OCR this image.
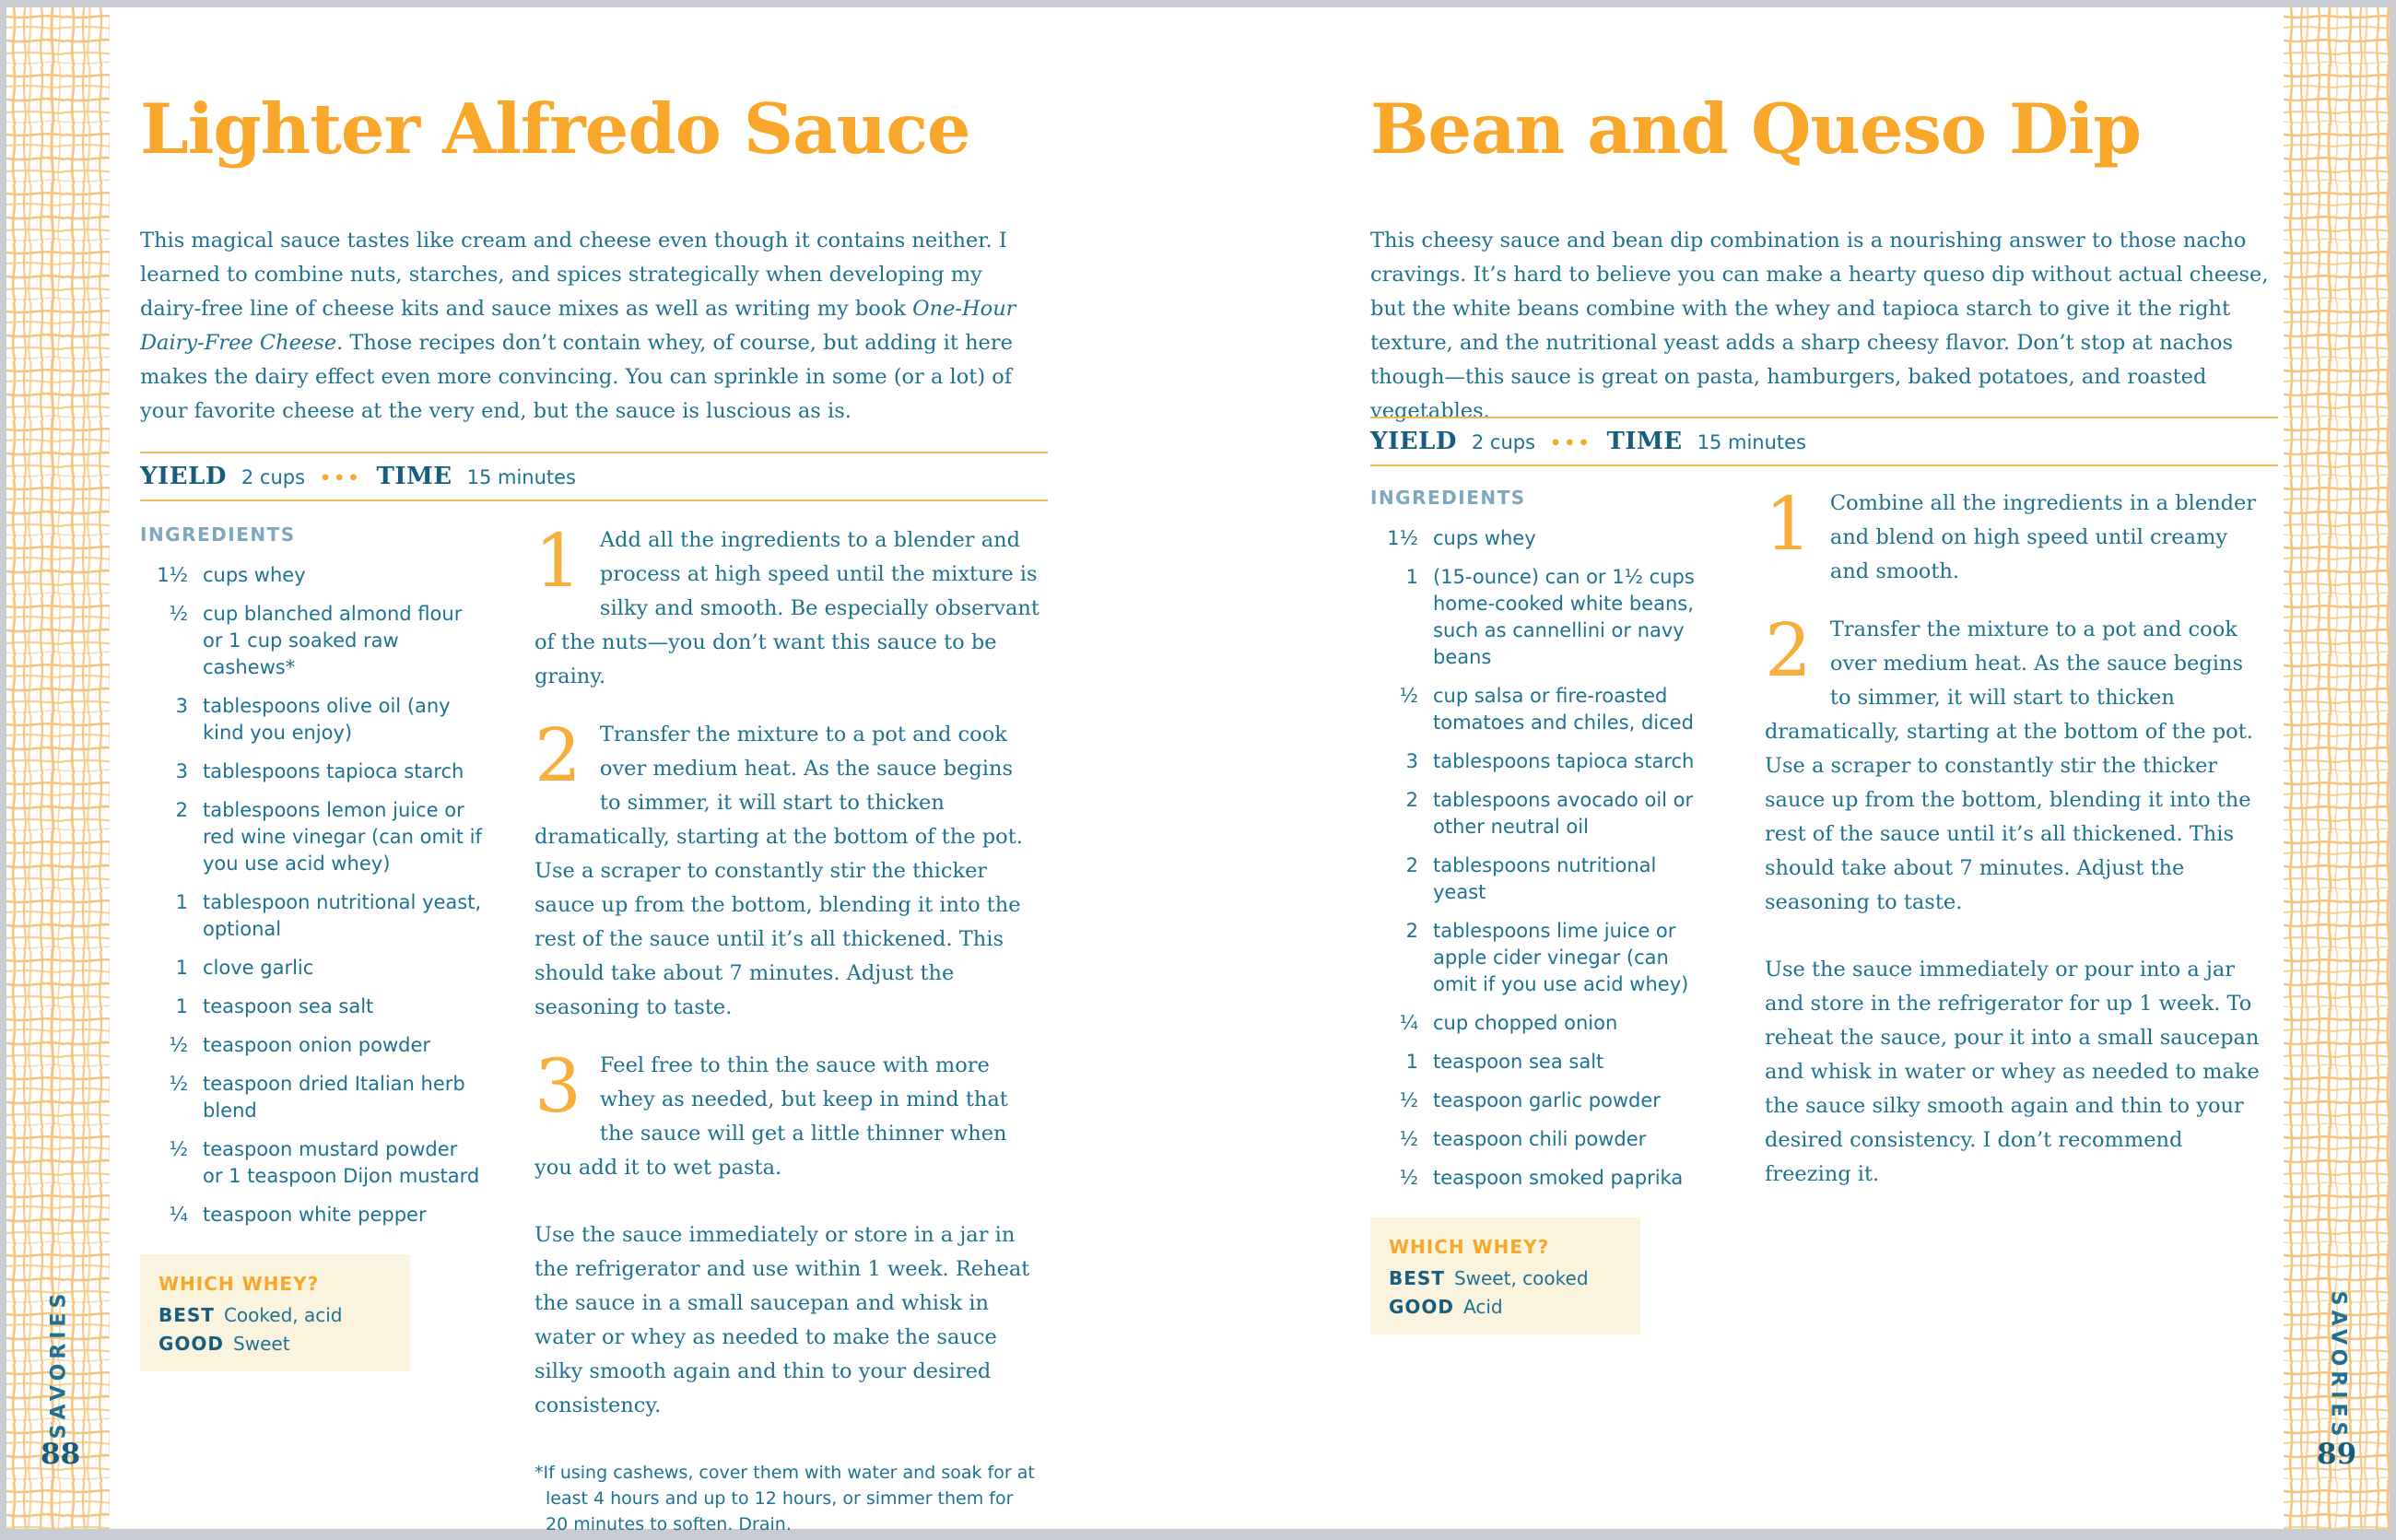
SAVORIES	SAVORIES
88	89
Lighter Alfredo Sauce

This magical sauce tastes like cream and cheese even though it contains neither. I learned to combine nuts, starches, and spices strategically when developing my dairy-free line of cheese kits and sauce mixes as well as writing my book One-Hour Dairy-Free Cheese. Those recipes don’t contain whey, of course, but adding it here makes the dairy effect even more convincing. You can sprinkle in some (or a lot) of your favorite cheese at the very end, but the sauce is luscious as is.

YIELD 2 cups ••• TIME 15 minutes
INGREDIENTS
1½ cups whey
½ cup blanched almond flour or 1 cup soaked raw cashews*
3 tablespoons olive oil (any kind you enjoy)
3 tablespoons tapioca starch
2 tablespoons lemon juice or red wine vinegar (can omit if you use acid whey)
1 tablespoon nutritional yeast, optional
1 clove garlic
1 teaspoon sea salt
½ teaspoon onion powder
½ teaspoon dried Italian herb blend
½ teaspoon mustard powder or 1 teaspoon Dijon mustard
¼ teaspoon white pepper
WHICH WHEY?
BEST Cooked, acid
GOOD Sweet

1 Add all the ingredients to a blender and process at high speed until the mixture is silky and smooth. Be especially observant of the nuts—you don’t want this sauce to be grainy.

2 Transfer the mixture to a pot and cook over medium heat. As the sauce begins to simmer, it will start to thicken dramatically, starting at the bottom of the pot. Use a scraper to constantly stir the thicker sauce up from the bottom, blending it into the rest of the sauce until it’s all thickened. This should take about 7 minutes. Adjust the seasoning to taste.

3 Feel free to thin the sauce with more whey as needed, but keep in mind that the sauce will get a little thinner when you add it to wet pasta.

Use the sauce immediately or store in a jar in the refrigerator and use within 1 week. Reheat the sauce in a small saucepan and whisk in water or whey as needed to make the sauce silky smooth again and thin to your desired consistency.

*If using cashews, cover them with water and soak for at least 4 hours and up to 12 hours, or simmer them for 20 minutes to soften. Drain.

Bean and Queso Dip

This cheesy sauce and bean dip combination is a nourishing answer to those nacho cravings. It’s hard to believe you can make a hearty queso dip without actual cheese, but the white beans combine with the whey and tapioca starch to give it the right texture, and the nutritional yeast adds a sharp cheesy flavor. Don’t stop at nachos though—this sauce is great on pasta, hamburgers, baked potatoes, and roasted vegetables.

YIELD 2 cups ••• TIME 15 minutes
INGREDIENTS
1½ cups whey
1 (15-ounce) can or 1½ cups home-cooked white beans, such as cannellini or navy beans
½ cup salsa or fire-roasted tomatoes and chiles, diced
3 tablespoons tapioca starch
2 tablespoons avocado oil or other neutral oil
2 tablespoons nutritional yeast
2 tablespoons lime juice or apple cider vinegar (can omit if you use acid whey)
¼ cup chopped onion
1 teaspoon sea salt
½ teaspoon garlic powder
½ teaspoon chili powder
½ teaspoon smoked paprika
WHICH WHEY?
BEST Sweet, cooked
GOOD Acid

1 Combine all the ingredients in a blender and blend on high speed until creamy and smooth.

2 Transfer the mixture to a pot and cook over medium heat. As the sauce begins to simmer, it will start to thicken dramatically, starting at the bottom of the pot. Use a scraper to constantly stir the thicker sauce up from the bottom, blending it into the rest of the sauce until it’s all thickened. This should take about 7 minutes. Adjust the seasoning to taste.

Use the sauce immediately or pour into a jar and store in the refrigerator for up 1 week. To reheat the sauce, pour it into a small saucepan and whisk in water or whey as needed to make the sauce silky smooth again and thin to your desired consistency. I don’t recommend freezing it.
